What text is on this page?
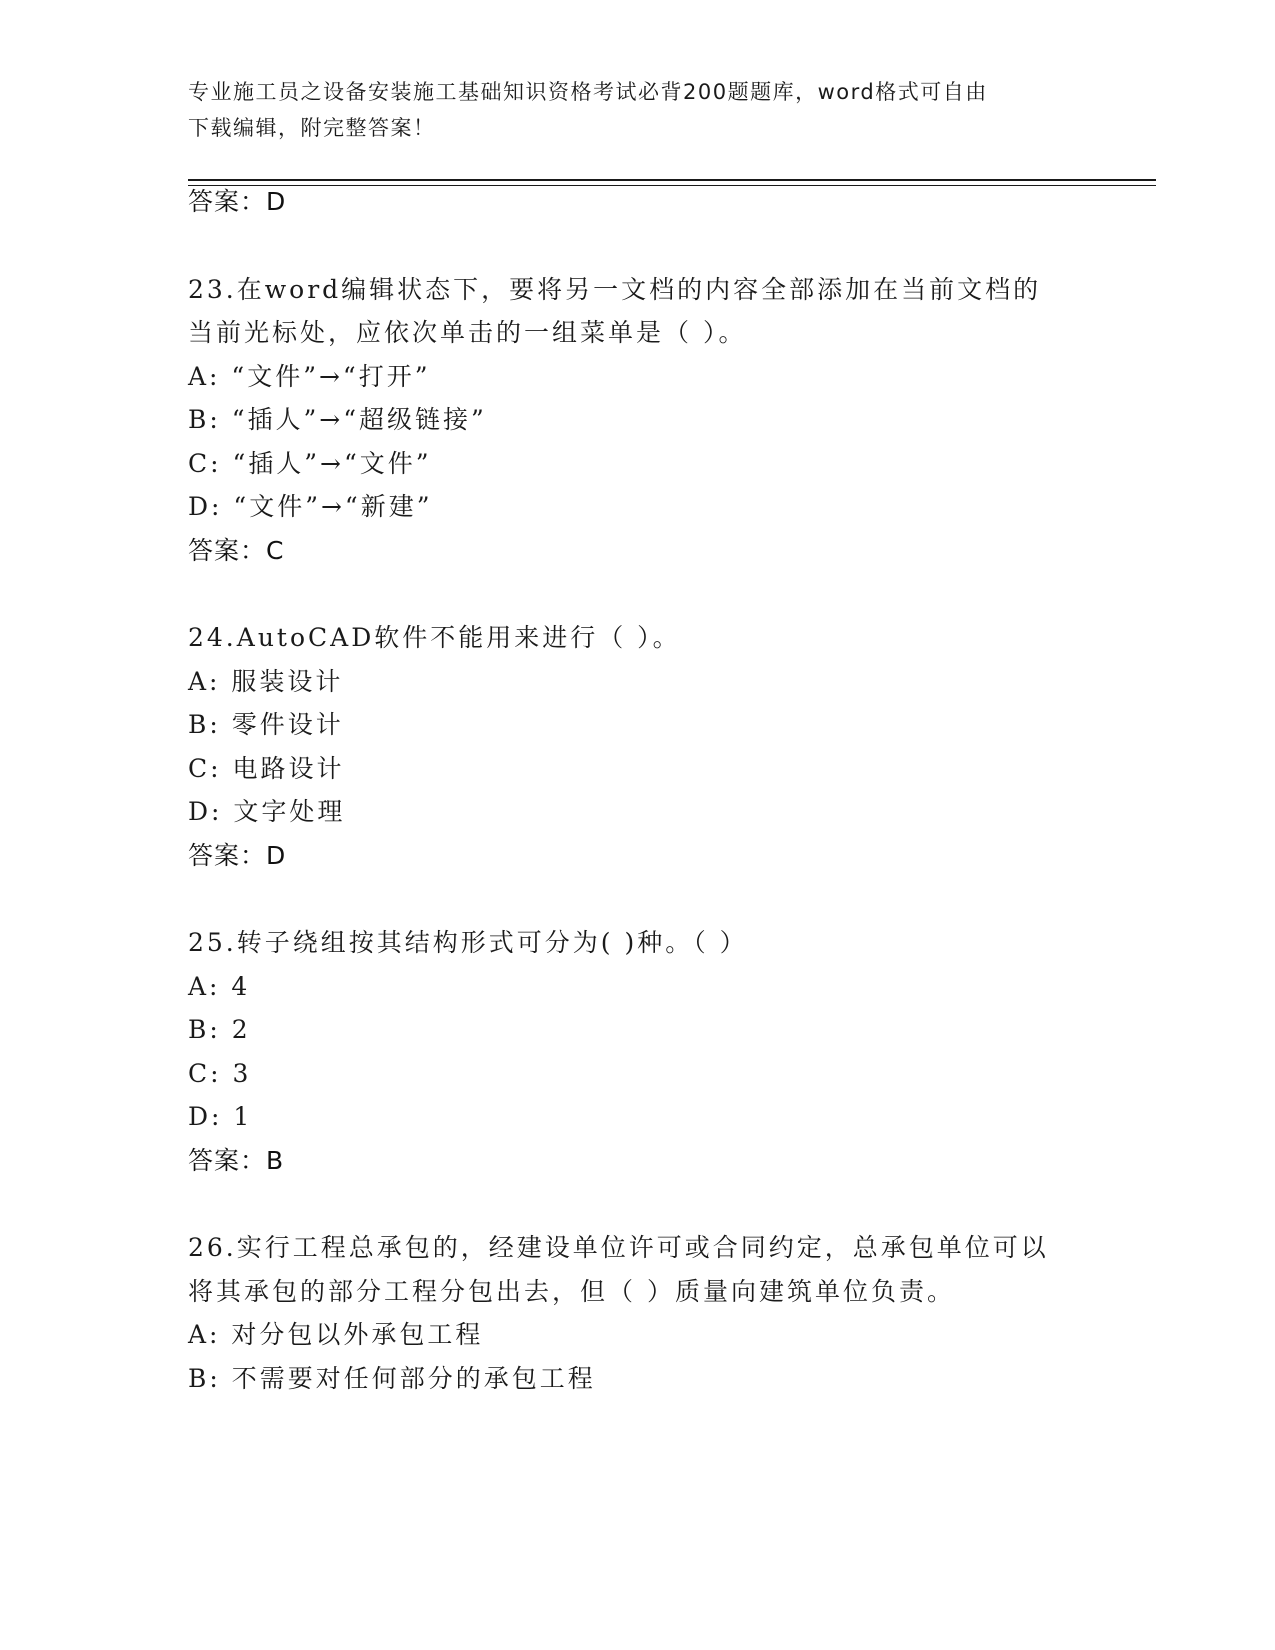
专业施工员之设备安装施工基础知识资格考试必背200题题库，word格式可自由
下载编辑，附完整答案！
答案：D
23.在word编辑状态下，要将另一文档的内容全部添加在当前文档的
当前光标处，应依次单击的一组菜单是（ ）。
A: “文件”→“打开”
B: “插人”→“超级链接”
C: “插人”→“文件”
D: “文件”→“新建”
答案：C
24.AutoCAD软件不能用来进行（ ）。
A: 服装设计
B: 零件设计
C: 电路设计
D: 文字处理
答案：D
25.转子绕组按其结构形式可分为( )种。（ ）
A: 4
B: 2
C: 3
D: 1
答案：B
26.实行工程总承包的，经建设单位许可或合同约定，总承包单位可以
将其承包的部分工程分包出去，但（ ）质量向建筑单位负责。
A: 对分包以外承包工程
B: 不需要对任何部分的承包工程
